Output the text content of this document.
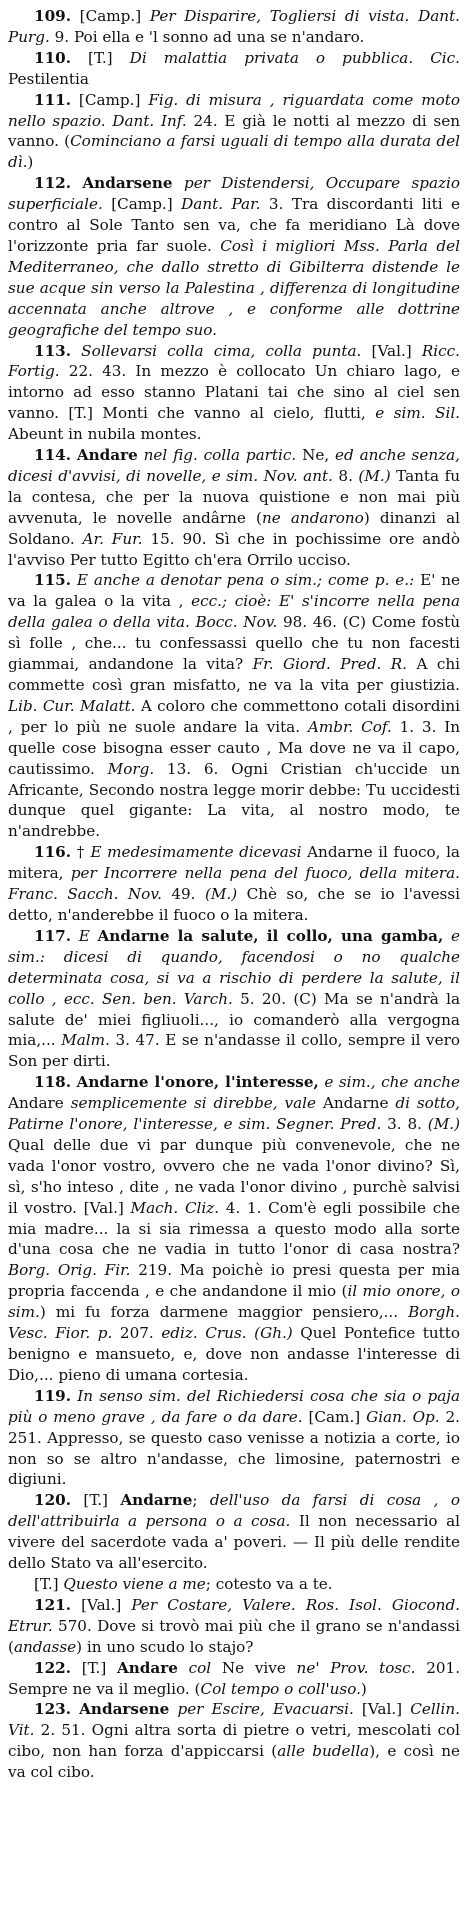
109. [Camp.] Per Disparire, Togliersi di vista. Dant. Purg. 9. Poi ella e 'l sonno ad una se n'andaro.

110. [T.] Di malattia privata o pubblica. Cic. Pestilentia

111. [Camp.] Fig. di misura , riguardata come moto nello spazio. Dant. Inf. 24. E già le notti al mezzo di sen vanno. (Cominciano a farsi uguali di tempo alla durata del dì.)

112. Andarsene per Distendersi, Occupare spazio superficiale. [Camp.] Dant. Par. 3. Tra discordanti liti e contro al Sole Tanto sen va, che fa meridiano Là dove l'orizzonte pria far suole. Così i migliori Mss. Parla del Mediterraneo, che dallo stretto di Gibilterra distende le sue acque sin verso la Palestina , differenza di longitudine accennata anche altrove , e conforme alle dottrine geografiche del tempo suo.

113. Sollevarsi colla cima, colla punta. [Val.] Ricc. Fortig. 22. 43. In mezzo è collocato Un chiaro lago, e intorno ad esso stanno Platani tai che sino al ciel sen vanno. [T.] Monti che vanno al cielo, flutti, e sim. Sil. Abeunt in nubila montes.

114. Andare nel fig. colla partic. Ne, ed anche senza, dicesi d'avvisi, di novelle, e sim. Nov. ant. 8. (M.) Tanta fu la contesa, che per la nuova quistione e non mai più avvenuta, le novelle andârne (ne andarono) dinanzi al Soldano. Ar. Fur. 15. 90. Sì che in pochissime ore andò l'avviso Per tutto Egitto ch'era Orrilo ucciso.

115. E anche a denotar pena o sim.; come p. e.: E' ne va la galea o la vita , ecc.; cioè: E' s'incorre nella pena della galea o della vita. Bocc. Nov. 98. 46. (C) Come fostù sì folle , che... tu confessassi quello che tu non facesti giammai, andandone la vita? Fr. Giord. Pred. R. A chi commette così gran misfatto, ne va la vita per giustizia. Lib. Cur. Malatt. A coloro che commettono cotali disordini , per lo più ne suole andare la vita. Ambr. Cof. 1. 3. In quelle cose bisogna esser cauto , Ma dove ne va il capo, cautissimo. Morg. 13. 6. Ogni Cristian ch'uccide un Africante, Secondo nostra legge morir debbe: Tu uccidesti dunque quel gigante: La vita, al nostro modo, te n'andrebbe.

116. † E medesimamente dicevasi Andarne il fuoco, la mitera, per Incorrere nella pena del fuoco, della mitera. Franc. Sacch. Nov. 49. (M.) Chè so, che se io l'avessi detto, n'anderebbe il fuoco o la mitera.

117. E Andarne la salute, il collo, una gamba, e sim.: dicesi di quando, facendosi o no qualche determinata cosa, si va a rischio di perdere la salute, il collo , ecc. Sen. ben. Varch. 5. 20. (C) Ma se n'andrà la salute de' miei figliuoli..., io comanderò alla vergogna mia,... Malm. 3. 47. E se n'andasse il collo, sempre il vero Son per dirti.

118. Andarne l'onore, l'interesse, e sim., che anche Andare semplicemente si direbbe, vale Andarne di sotto, Patirne l'onore, l'interesse, e sim. Segner. Pred. 3. 8. (M.) Qual delle due vi par dunque più convenevole, che ne vada l'onor vostro, ovvero che ne vada l'onor divino? Sì, sì, s'ho inteso , dite , ne vada l'onor divino , purchè salvisi il vostro. [Val.] Mach. Cliz. 4. 1. Com'è egli possibile che mia madre... la si sia rimessa a questo modo alla sorte d'una cosa che ne vadia in tutto l'onor di casa nostra? Borg. Orig. Fir. 219. Ma poichè io presi questa per mia propria faccenda , e che andandone il mio (il mio onore, o sim.) mi fu forza darmene maggior pensiero,... Borgh. Vesc. Fior. p. 207. ediz. Crus. (Gh.) Quel Pontefice tutto benigno e mansueto, e, dove non andasse l'interesse di Dio,... pieno di umana cortesia.

119. In senso sim. del Richiedersi cosa che sia o paja più o meno grave , da fare o da dare. [Cam.] Gian. Op. 2. 251. Appresso, se questo caso venisse a notizia a corte, io non so se altro n'andasse, che limosine, paternostri e digiuni.

120. [T.] Andarne; dell'uso da farsi di cosa , o dell'attribuirla a persona o a cosa. Il non necessario al vivere del sacerdote vada a' poveri. — Il più delle rendite dello Stato va all'esercito.

[T.] Questo viene a me; cotesto va a te.

121. [Val.] Per Costare, Valere. Ros. Isol. Giocond. Etrur. 570. Dove si trovò mai più che il grano se n'andassi (andasse) in uno scudo lo stajo?

122. [T.] Andare col Ne vive ne' Prov. tosc. 201. Sempre ne va il meglio. (Col tempo o coll'uso.)

123. Andarsene per Escire, Evacuarsi. [Val.] Cellin. Vit. 2. 51. Ogni altra sorta di pietre o vetri, mescolati col cibo, non han forza d'appiccarsi (alle budella), e così ne va col cibo.
